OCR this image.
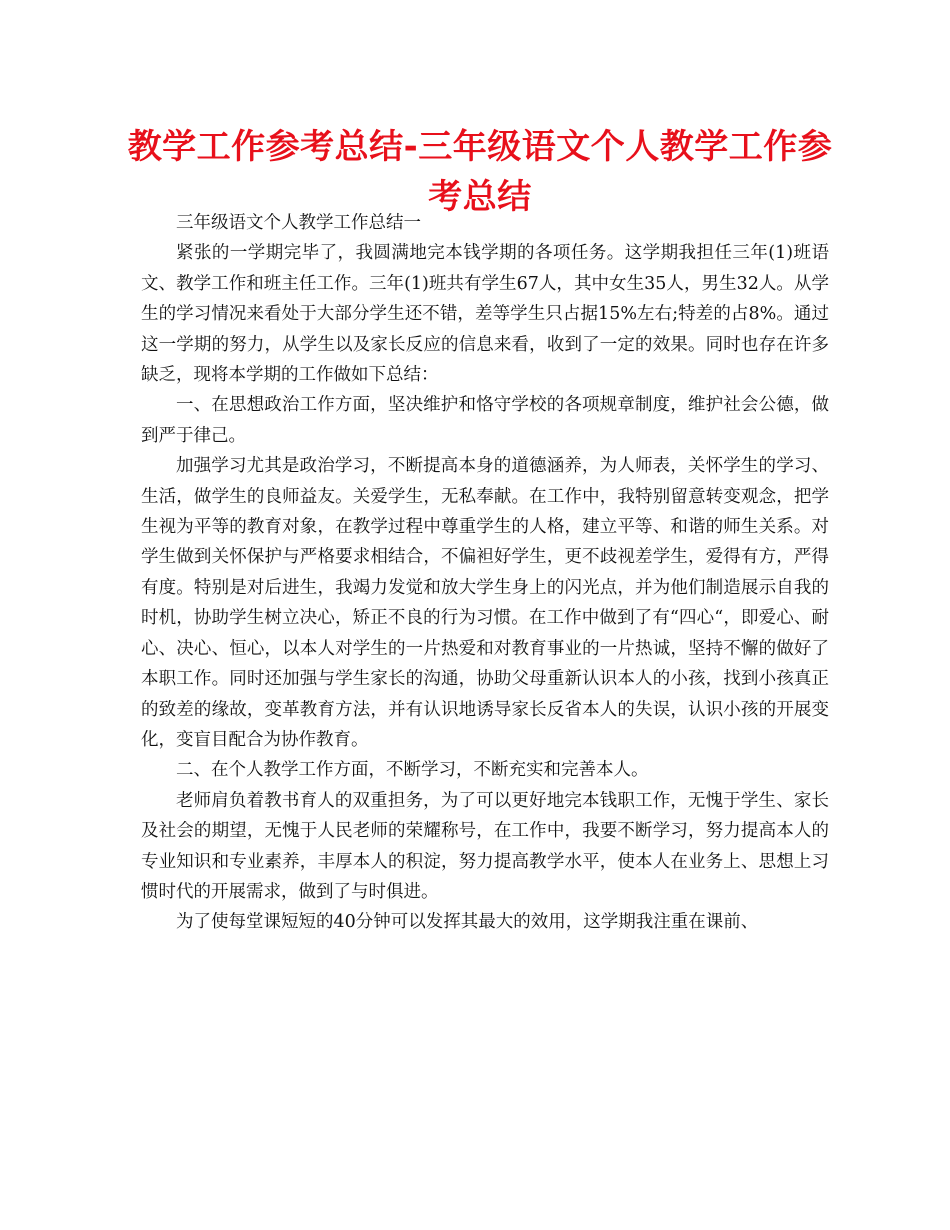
教学工作参考总结-三年级语文个人教学工作参考总结

三年级语文个人教学工作总结一

紧张的一学期完毕了，我圆满地完本钱学期的各项任务。这学期我担任三年(1)班语文、教学工作和班主任工作。三年(1)班共有学生67人，其中女生35人，男生32人。从学生的学习情况来看处于大部分学生还不错，差等学生只占据15%左右;特差的占8%。通过这一学期的努力，从学生以及家长反应的信息来看，收到了一定的效果。同时也存在许多缺乏，现将本学期的工作做如下总结：

一、在思想政治工作方面，坚决维护和恪守学校的各项规章制度，维护社会公德，做到严于律己。

加强学习尤其是政治学习，不断提高本身的道德涵养，为人师表，关怀学生的学习、生活，做学生的良师益友。关爱学生，无私奉献。在工作中，我特别留意转变观念，把学生视为平等的教育对象，在教学过程中尊重学生的人格，建立平等、和谐的师生关系。对学生做到关怀保护与严格要求相结合，不偏袒好学生，更不歧视差学生，爱得有方，严得有度。特别是对后进生，我竭力发觉和放大学生身上的闪光点，并为他们制造展示自我的时机，协助学生树立决心，矫正不良的行为习惯。在工作中做到了有“四心“，即爱心、耐心、决心、恒心，以本人对学生的一片热爱和对教育事业的一片热诚，坚持不懈的做好了本职工作。同时还加强与学生家长的沟通，协助父母重新认识本人的小孩，找到小孩真正的致差的缘故，变革教育方法，并有认识地诱导家长反省本人的失误，认识小孩的开展变化，变盲目配合为协作教育。

二、在个人教学工作方面，不断学习，不断充实和完善本人。

老师肩负着教书育人的双重担务，为了可以更好地完本钱职工作，无愧于学生、家长及社会的期望，无愧于人民老师的荣耀称号，在工作中，我要不断学习，努力提高本人的专业知识和专业素养，丰厚本人的积淀，努力提高教学水平，使本人在业务上、思想上习惯时代的开展需求，做到了与时俱进。

为了使每堂课短短的40分钟可以发挥其最大的效用，这学期我注重在课前、
